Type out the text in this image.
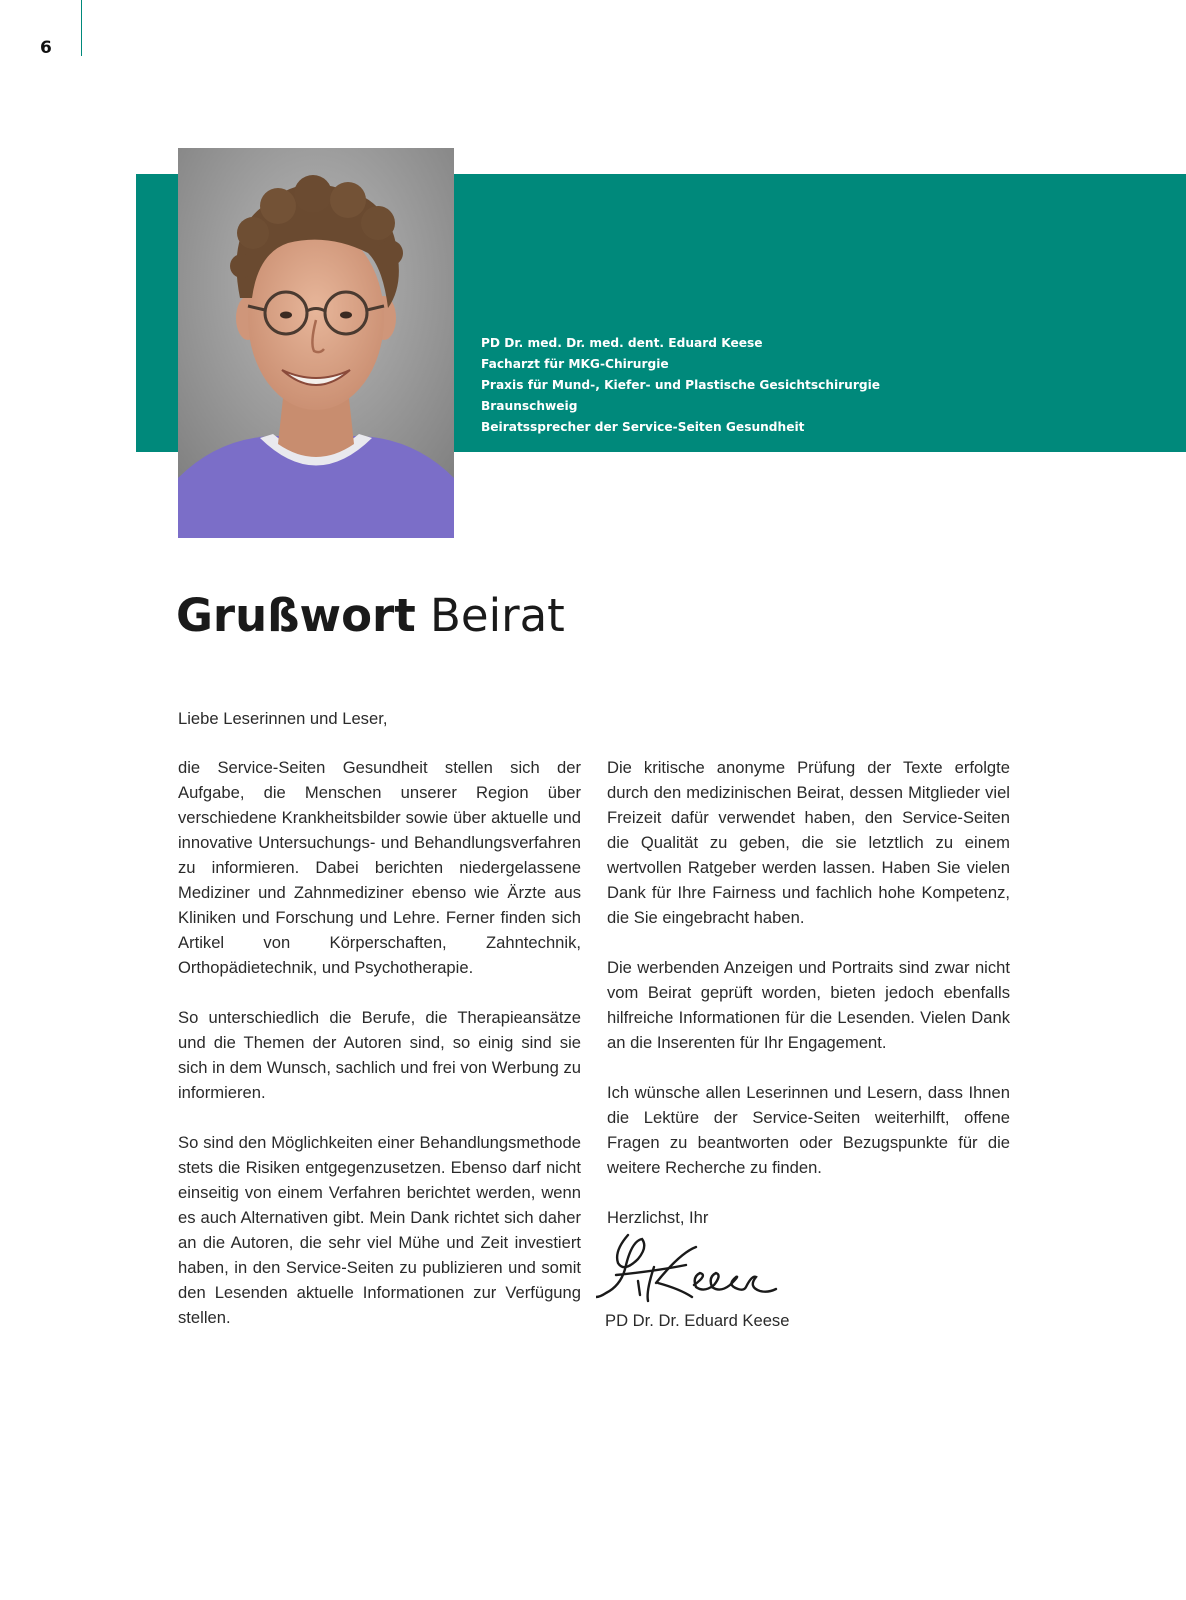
6
PD Dr. med. Dr. med. dent. Eduard Keese
Facharzt für MKG-Chirurgie
Praxis für Mund-, Kiefer- und Plastische Gesichtschirurgie
Braunschweig
Beiratssprecher der Service-Seiten Gesundheit
Grußwort Beirat
Liebe Leserinnen und Leser,

die Service-Seiten Gesundheit stellen sich der Aufgabe, die Menschen unserer Region über verschiedene Krankheitsbilder sowie über aktuelle und innovative Untersuchungs- und Behandlungsverfahren zu informieren. Dabei berichten niedergelassene Mediziner und Zahnmediziner ebenso wie Ärzte aus Kliniken und Forschung und Lehre. Ferner finden sich Artikel von Körperschaften, Zahntechnik, Orthopädietechnik, und Psychotherapie.

So unterschiedlich die Berufe, die Therapieansätze und die Themen der Autoren sind, so einig sind sie sich in dem Wunsch, sachlich und frei von Werbung zu informieren.

So sind den Möglichkeiten einer Behandlungsmethode stets die Risiken entgegenzusetzen. Ebenso darf nicht einseitig von einem Verfahren berichtet werden, wenn es auch Alternativen gibt. Mein Dank richtet sich daher an die Autoren, die sehr viel Mühe und Zeit investiert haben, in den Service-Seiten zu publizieren und somit den Lesenden aktuelle Informationen zur Verfügung stellen.

Die kritische anonyme Prüfung der Texte erfolgte durch den medizinischen Beirat, dessen Mitglieder viel Freizeit dafür verwendet haben, den Service-Seiten die Qualität zu geben, die sie letztlich zu einem wertvollen Ratgeber werden lassen. Haben Sie vielen Dank für Ihre Fairness und fachlich hohe Kompetenz, die Sie eingebracht haben.

Die werbenden Anzeigen und Portraits sind zwar nicht vom Beirat geprüft worden, bieten jedoch ebenfalls hilfreiche Informationen für die Lesenden. Vielen Dank an die Inserenten für Ihr Engagement.

Ich wünsche allen Leserinnen und Lesern, dass Ihnen die Lektüre der Service-Seiten weiterhilft, offene Fragen zu beantworten oder Bezugspunkte für die weitere Recherche zu finden.

Herzlichst, Ihr

PD Dr. Dr. Eduard Keese
